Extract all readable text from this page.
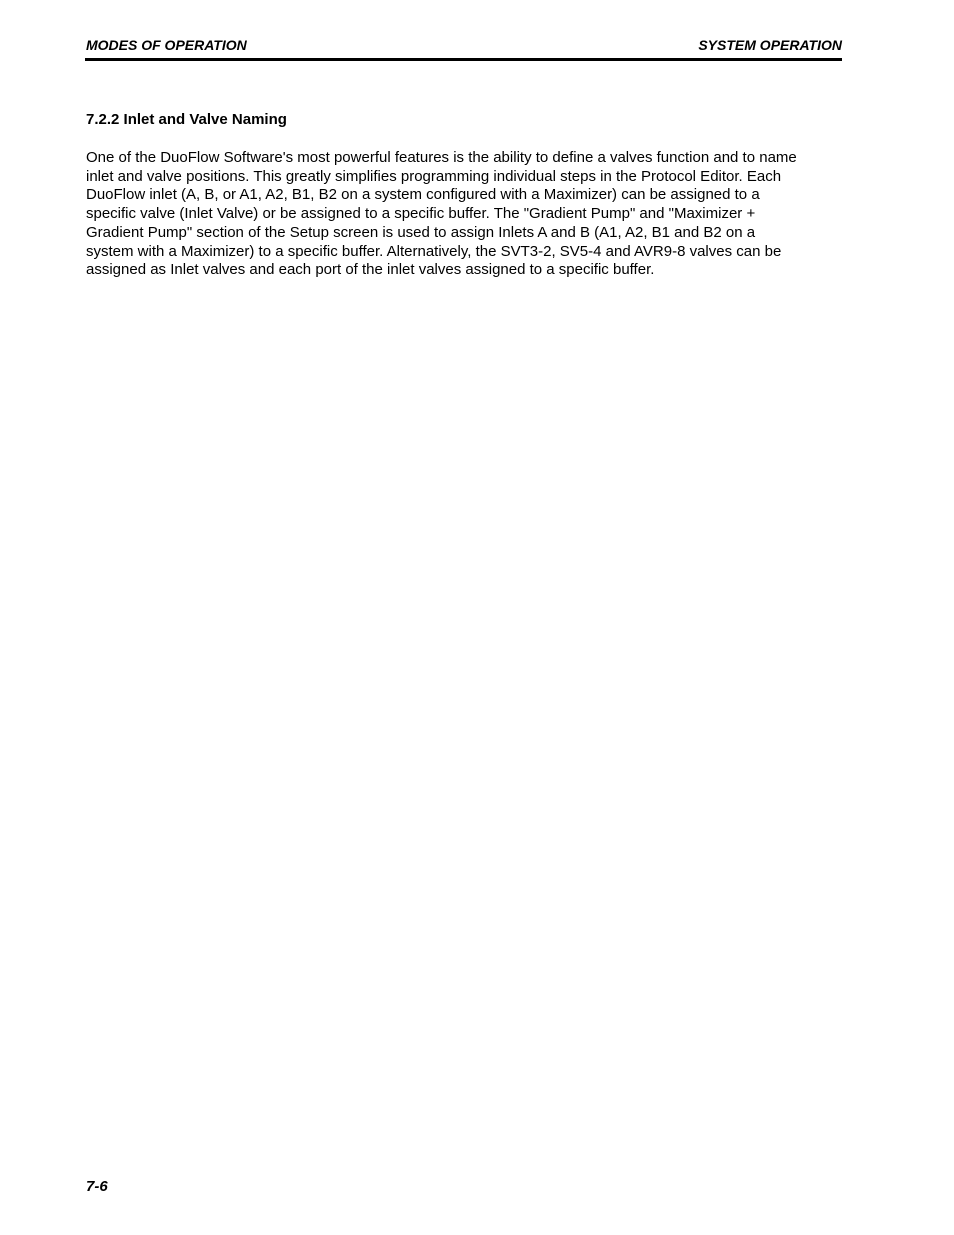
MODES OF OPERATION	SYSTEM OPERATION
7.2.2 Inlet and Valve Naming

One of the DuoFlow Software's most powerful features is the ability to define a valves function and to name
inlet and valve positions. This greatly simplifies programming individual steps in the Protocol Editor. Each
DuoFlow inlet (A, B, or A1, A2, B1, B2 on a system configured with a Maximizer) can be assigned to a
specific valve (Inlet Valve) or be assigned to a specific buffer. The "Gradient Pump" and "Maximizer +
Gradient Pump" section of the Setup screen is used to assign Inlets A and B (A1, A2, B1 and B2 on a
system with a Maximizer) to a specific buffer. Alternatively, the SVT3-2, SV5-4 and AVR9-8 valves can be
assigned as Inlet valves and each port of the inlet valves assigned to a specific buffer.

7-6
